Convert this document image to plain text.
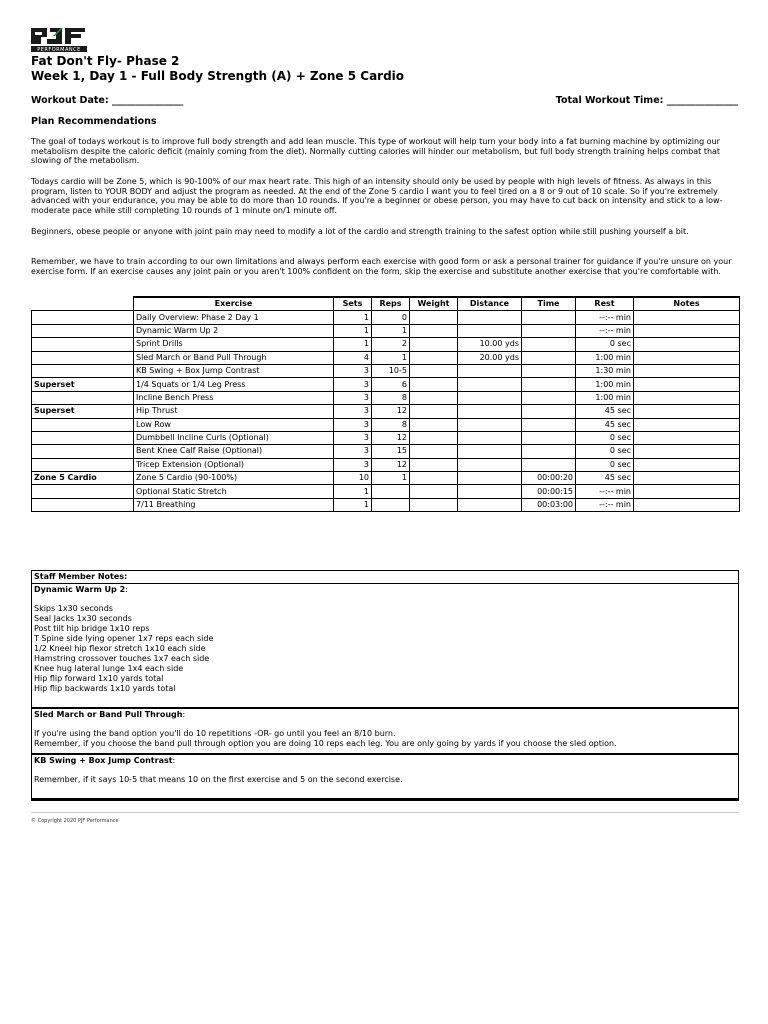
PERFORMANCE
Fat Don't Fly- Phase 2
Week 1, Day 1 - Full Body Strength (A) + Zone 5 Cardio
Workout Date: _______________	Total Workout Time: _______________
Plan Recommendations

The goal of todays workout is to improve full body strength and add lean muscle. This type of workout will help turn your body into a fat burning machine by optimizing our metabolism despite the caloric deficit (mainly coming from the diet). Normally cutting calories will hinder our metabolism, but full body strength training helps combat that slowing of the metabolism.

Todays cardio will be Zone 5, which is 90-100% of our max heart rate. This high of an intensity should only be used by people with high levels of fitness. As always in this program, listen to YOUR BODY and adjust the program as needed. At the end of the Zone 5 cardio I want you to feel tired on a 8 or 9 out of 10 scale. So if you're extremely advanced with your endurance, you may be able to do more than 10 rounds. If you're a beginner or obese person, you may have to cut back on intensity and stick to a low-moderate pace while still completing 10 rounds of 1 minute on/1 minute off.

Beginners, obese people or anyone with joint pain may need to modify a lot of the cardio and strength training to the safest option while still pushing yourself a bit.

Remember, we have to train according to our own limitations and always perform each exercise with good form or ask a personal trainer for guidance if you're unsure on your exercise form. If an exercise causes any joint pain or you aren't 100% confident on the form, skip the exercise and substitute another exercise that you're comfortable with.

	Exercise	Sets	Reps	Weight	Distance	Time	Rest	Notes
	Daily Overview: Phase 2 Day 1	1	0				--:-- min	
	Dynamic Warm Up 2	1	1				--:-- min	
	Sprint Drills	1	2		10.00 yds		0 sec	
	Sled March or Band Pull Through	4	1		20.00 yds		1:00 min	
	KB Swing + Box Jump Contrast	3	10-5				1:30 min	
Superset	1/4 Squats or 1/4 Leg Press	3	6				1:00 min	
	Incline Bench Press	3	8				1:00 min	
Superset	Hip Thrust	3	12				45 sec	
	Low Row	3	8				45 sec	
	Dumbbell Incline Curls (Optional)	3	12				0 sec	
	Bent Knee Calf Raise (Optional)	3	15				0 sec	
	Tricep Extension (Optional)	3	12				0 sec	
Zone 5 Cardio	Zone 5 Cardio (90-100%)	10	1			00:00:20	45 sec	
	Optional Static Stretch	1				00:00:15	--:-- min	
	7/11 Breathing	1				00:03:00	--:-- min	
Staff Member Notes:
Dynamic Warm Up 2:
Skips 1x30 seconds
Seal Jacks 1x30 seconds
Post tilt hip bridge 1x10 reps
T Spine side lying opener 1x7 reps each side
1/2 Kneel hip flexor stretch 1x10 each side
Hamstring crossover touches 1x7 each side
Knee hug lateral lunge 1x4 each side
Hip flip forward 1x10 yards total
Hip flip backwards 1x10 yards total
Sled March or Band Pull Through:
If you're using the band option you'll do 10 repetitions -OR- go until you feel an 8/10 burn.
Remember, if you choose the band pull through option you are doing 10 reps each leg. You are only going by yards if you choose the sled option.
KB Swing + Box Jump Contrast:
Remember, if it says 10-5 that means 10 on the first exercise and 5 on the second exercise.
© Copyright 2020 PJF Performance
